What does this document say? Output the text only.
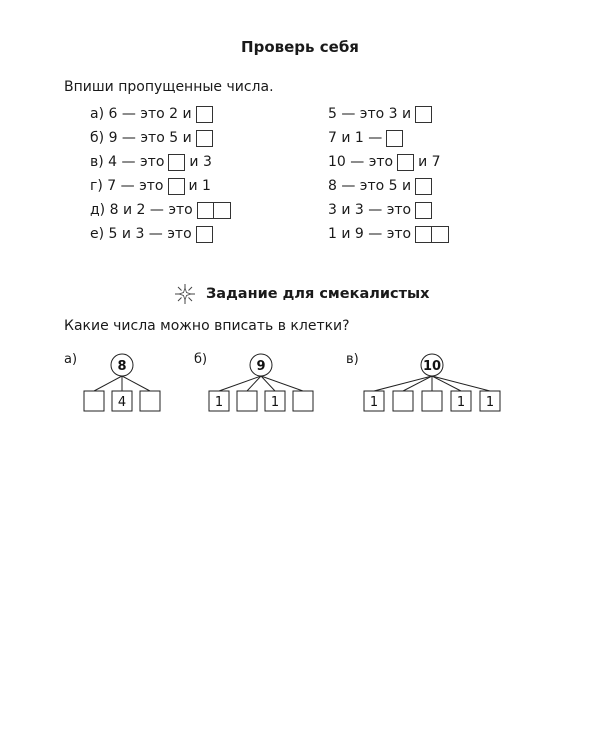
Проверь себя
Впиши пропущенные числа.
а)
6 — это 2 и
б)
9 — это 5 и
в)
4 — это и 3
г)
7 — это и 1
д)
8 и 2 — это
е)
5 и 3 — это
5 — это 3 и
7 и 1 —
10 — это и 7
8 — это 5 и
3 и 3 — это
1 и 9 — это
Задание для смекалистых
Какие числа можно вписать в клетки?
а)	8
4
б)	9
1	1
в)	10
1	1 1
